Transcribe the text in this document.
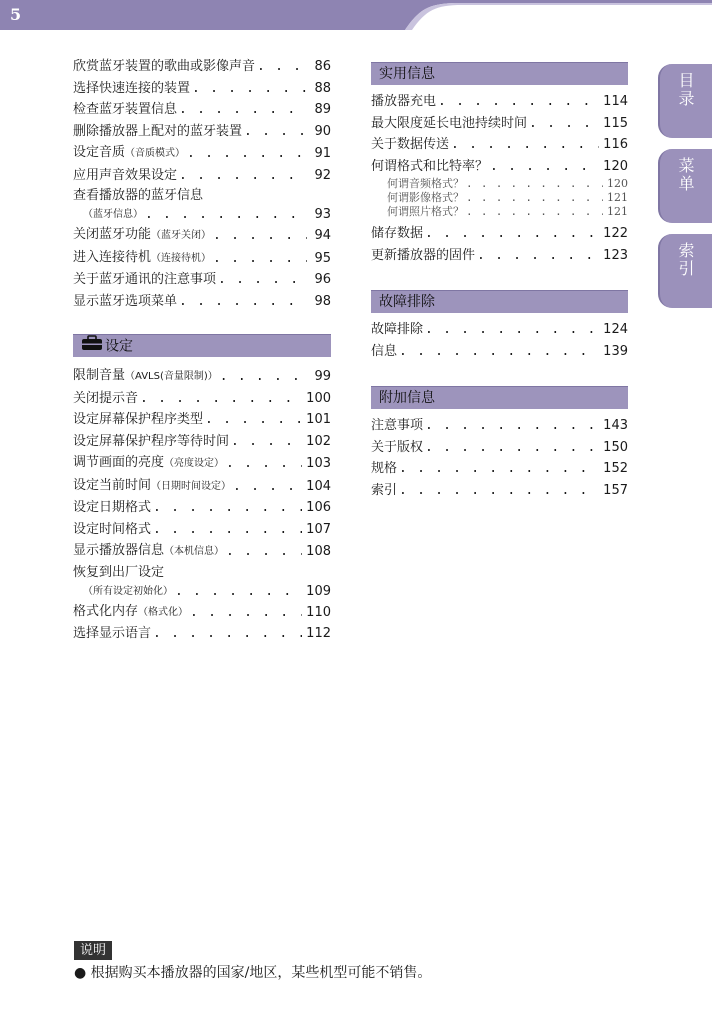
5
欣赏蓝牙装置的歌曲或影像声音 . . .	86
选择快速连接的装置 . . .	88
检查蓝牙装置信息 . . .	89
删除播放器上配对的蓝牙装置 . . .	90
设定音质（音质模式） . . .	91
应用声音效果设定 . . .	92
查看播放器的蓝牙信息
（蓝牙信息） . . .	93
关闭蓝牙功能（蓝牙关闭） . . .	94
进入连接待机（连接待机） . . .	95
关于蓝牙通讯的注意事项 . . .	96
显示蓝牙选项菜单 . . .	98
设定
限制音量（AVLS(音量限制)） . . .	99
关闭提示音 . . .	100
设定屏幕保护程序类型 . . .	101
设定屏幕保护程序等待时间 . . .	102
调节画面的亮度（亮度设定） . . .	103
设定当前时间（日期时间设定） . . .	104
设定日期格式 . . .	106
设定时间格式 . . .	107
显示播放器信息（本机信息） . . .	108
恢复到出厂设定
（所有设定初始化） . . .	109
格式化内存（格式化） . . .	110
选择显示语言 . . .	112
实用信息
播放器充电 . . .	114
最大限度延长电池持续时间 . . .	115
关于数据传送 . . .	116
何谓格式和比特率？ . . .	120
何谓音频格式？ . . .	120
何谓影像格式？ . . .	121
何谓照片格式？ . . .	121
储存数据 . . .	122
更新播放器的固件 . . .	123
故障排除
故障排除 . . .	124
信息 . . .	139
附加信息
注意事项 . . .	143
关于版权 . . .	150
规格 . . .	152
索引 . . .	157
目录
菜单
索引
说明
● 根据购买本播放器的国家/地区，某些机型可能不销售。
